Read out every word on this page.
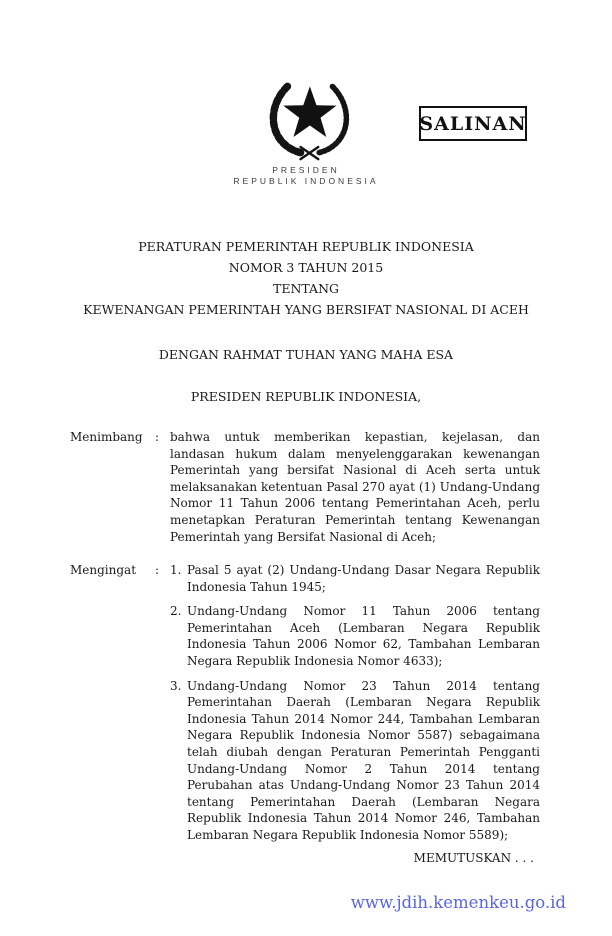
PRESIDEN
REPUBLIK INDONESIA
SALINAN
PERATURAN PEMERINTAH REPUBLIK INDONESIA
NOMOR 3 TAHUN 2015
TENTANG
KEWENANGAN PEMERINTAH YANG BERSIFAT NASIONAL DI ACEH
DENGAN RAHMAT TUHAN YANG MAHA ESA
PRESIDEN REPUBLIK INDONESIA,
Menimbang	: bahwa untuk memberikan kepastian, kejelasan, dan landasan hukum dalam menyelenggarakan kewenangan Pemerintah yang bersifat Nasional di Aceh serta untuk melaksanakan ketentuan Pasal 270 ayat (1) Undang-Undang Nomor 11 Tahun 2006 tentang Pemerintahan Aceh, perlu menetapkan Peraturan Pemerintah tentang Kewenangan Pemerintah yang Bersifat Nasional di Aceh;
Mengingat	: 1. Pasal 5 ayat (2) Undang-Undang Dasar Negara Republik Indonesia Tahun 1945;
2. Undang-Undang Nomor 11 Tahun 2006 tentang Pemerintahan Aceh (Lembaran Negara Republik Indonesia Tahun 2006 Nomor 62, Tambahan Lembaran Negara Republik Indonesia Nomor 4633);
3. Undang-Undang Nomor 23 Tahun 2014 tentang Pemerintahan Daerah (Lembaran Negara Republik Indonesia Tahun 2014 Nomor 244, Tambahan Lembaran Negara Republik Indonesia Nomor 5587) sebagaimana telah diubah dengan Peraturan Pemerintah Pengganti Undang-Undang Nomor 2 Tahun 2014 tentang Perubahan atas Undang-Undang Nomor 23 Tahun 2014 tentang Pemerintahan Daerah (Lembaran Negara Republik Indonesia Tahun 2014 Nomor 246, Tambahan Lembaran Negara Republik Indonesia Nomor 5589);
MEMUTUSKAN . . .
www.jdih.kemenkeu.go.id
